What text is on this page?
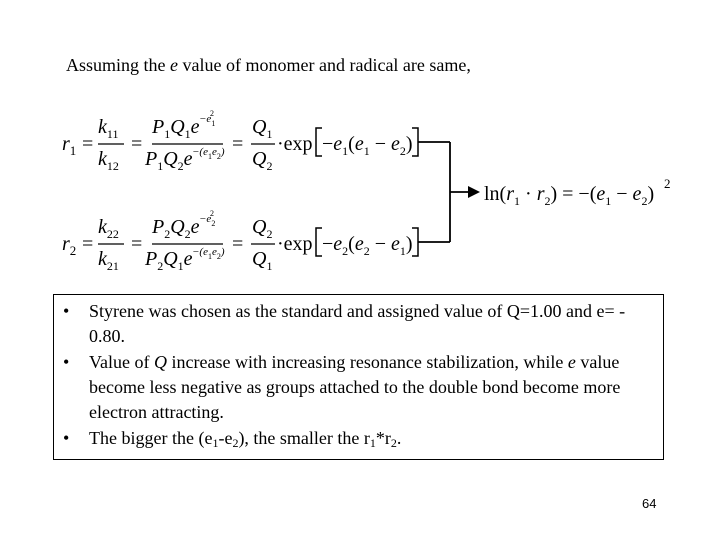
Assuming the e value of monomer and radical are same,
$r_1$ =
$k_{11}$
$k_{12}$
=
$P_1Q_1e -e_1$
2
$P_1Q_2e -(e_1e_2)$ =
$Q_1$
$Q_2$
$\cdot\exp -e_1(e_1 - e_2)$
$r_2$ =
$k_{22}$
$k_{21}$
=
$P_2Q_2e -e_2$
2
$P_2Q_1e -(e_1e_2)$ =
$Q_2$
$Q_1$
$\cdot\exp -e_2(e_2 - e_1)$
$\ln(r_1 \cdot r_2) = -(e_1 - e_2)$ 2
• Styrene was chosen as the standard and assigned value of Q=1.00 and e= - 0.80.
• Value of Q increase with increasing resonance stabilization, while e value become less negative as groups attached to the double bond become more electron attracting.
• The bigger the $(e_1-e_2)$, the smaller the $r_1*r_2$.
64
